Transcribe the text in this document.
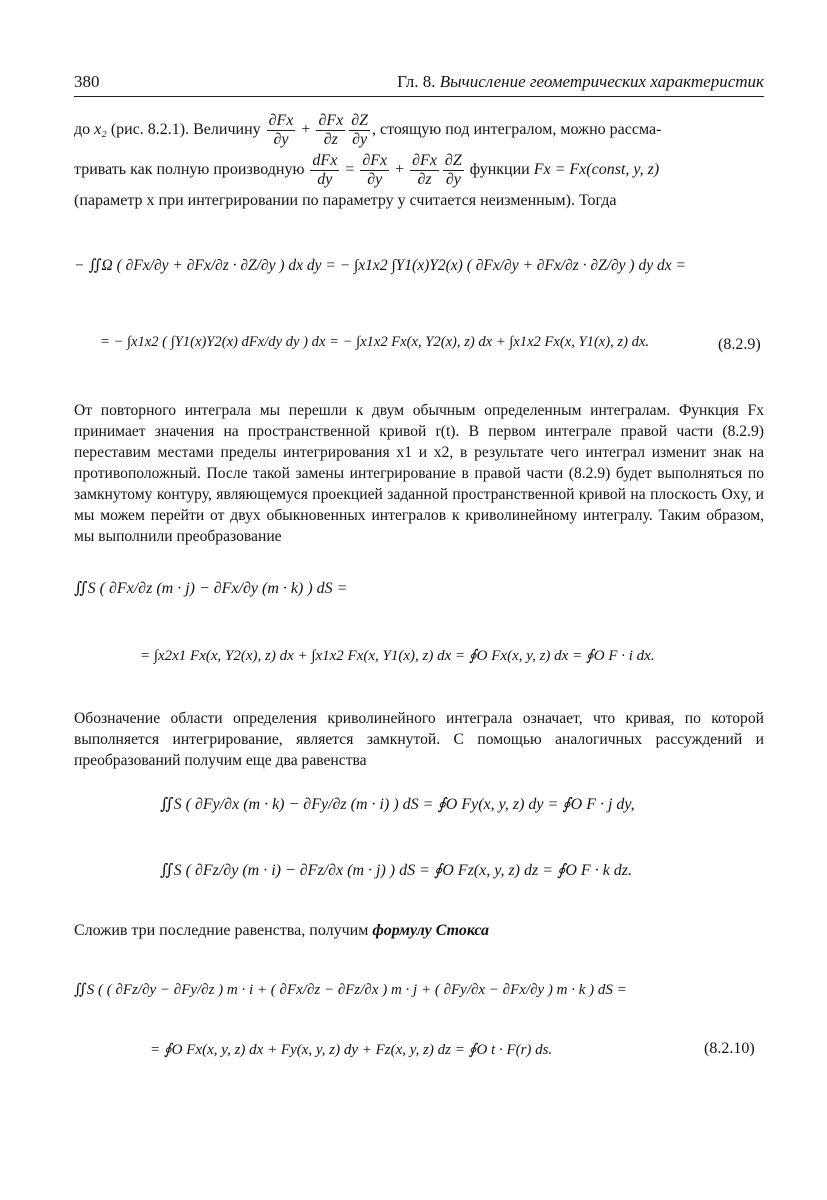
380	Гл. 8. Вычисление геометрических характеристик
до x₂ (рис. 8.2.1). Величину $\frac{\partial Fx}{\partial y} + \frac{\partial Fx}{\partial z} \frac{\partial Z}{\partial y}$ , стоящую под интегралом, можно рассма-
тривать как полную производную $\frac{\text{dFx}}{dy} = \frac{\partial Fx}{\partial y} + \frac{\partial Fx}{\partial z} \frac{\partial Z}{\partial y}$ функции Fx = Fx(const, y, z)
(параметр x при интегрировании по параметру y считается неизменным). Тогда
− ∬Ω ( ∂Fx/∂y + ∂Fx/∂z · ∂Z/∂y ) dx dy = − ∫x1x2 ∫Y1(x)Y2(x) ( ∂Fx/∂y + ∂Fx/∂z · ∂Z/∂y ) dy dx =
= − ∫x1x2 ( ∫Y1(x)Y2(x) dFx/dy dy ) dx = − ∫x1x2 Fx(x, Y2(x), z) dx + ∫x1x2 Fx(x, Y1(x), z) dx.	(8.2.9)
От повторного интеграла мы перешли к двум обычным определенным интегралам. Функция Fx принимает значения на пространственной кривой r(t). В первом интеграле правой части (8.2.9) переставим местами пределы интегрирования x1 и x2, в результате чего интеграл изменит знак на противоположный. После такой замены интегрирование в правой части (8.2.9) будет выполняться по замкнутому контуру, являющемуся проекцией заданной пространственной кривой на плоскость Oxy, и мы можем перейти от двух обыкновенных интегралов к криволинейному интегралу. Таким образом, мы выполнили преобразование
∬S ( ∂Fx/∂z (m · j) − ∂Fx/∂y (m · k) ) dS =
= ∫x2x1 Fx(x, Y2(x), z) dx + ∫x1x2 Fx(x, Y1(x), z) dx = ∮O Fx(x, y, z) dx = ∮O F · i dx.
Обозначение области определения криволинейного интеграла означает, что кривая, по которой выполняется интегрирование, является замкнутой. С помощью аналогичных рассуждений и преобразований получим еще два равенства
∬S ( ∂Fy/∂x (m · k) − ∂Fy/∂z (m · i) ) dS = ∮O Fy(x, y, z) dy = ∮O F · j dy,
∬S ( ∂Fz/∂y (m · i) − ∂Fz/∂x (m · j) ) dS = ∮O Fz(x, y, z) dz = ∮O F · k dz.
Сложив три последние равенства, получим формулу Стокса
∬S ( ( ∂Fz/∂y − ∂Fy/∂z ) m · i + ( ∂Fx/∂z − ∂Fz/∂x ) m · j + ( ∂Fy/∂x − ∂Fx/∂y ) m · k ) dS =
= ∮O Fx(x, y, z) dx + Fy(x, y, z) dy + Fz(x, y, z) dz = ∮O t · F(r) ds.	(8.2.10)
